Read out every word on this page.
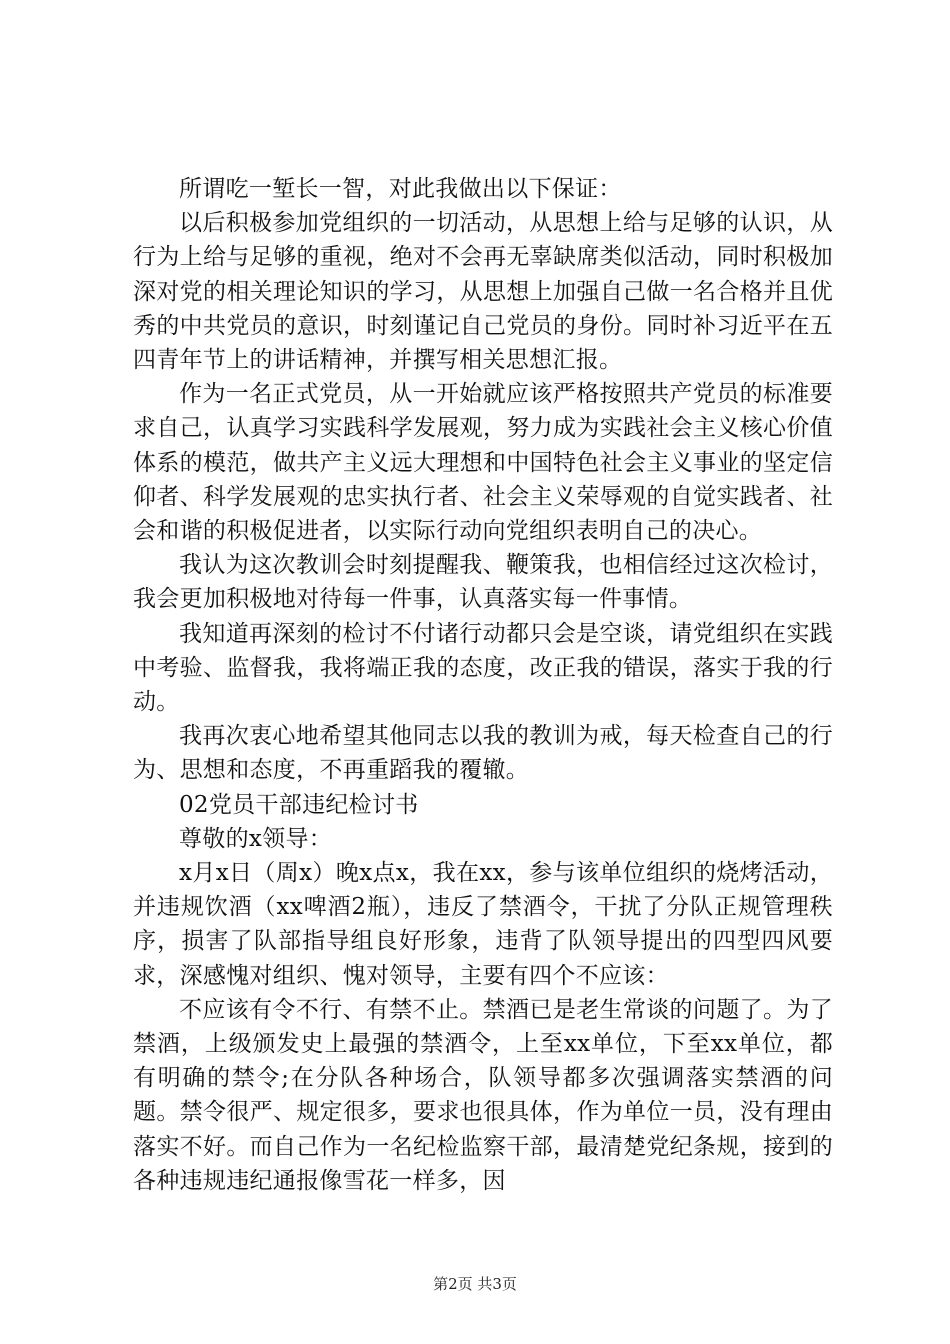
所谓吃一堑长一智，对此我做出以下保证：

以后积极参加党组织的一切活动，从思想上给与足够的认识，从行为上给与足够的重视，绝对不会再无辜缺席类似活动，同时积极加深对党的相关理论知识的学习，从思想上加强自己做一名合格并且优秀的中共党员的意识，时刻谨记自己党员的身份。同时补习近平在五四青年节上的讲话精神，并撰写相关思想汇报。

作为一名正式党员，从一开始就应该严格按照共产党员的标准要求自己，认真学习实践科学发展观，努力成为实践社会主义核心价值体系的模范，做共产主义远大理想和中国特色社会主义事业的坚定信仰者、科学发展观的忠实执行者、社会主义荣辱观的自觉实践者、社会和谐的积极促进者，以实际行动向党组织表明自己的决心。

我认为这次教训会时刻提醒我、鞭策我，也相信经过这次检讨，我会更加积极地对待每一件事，认真落实每一件事情。

我知道再深刻的检讨不付诸行动都只会是空谈，请党组织在实践中考验、监督我，我将端正我的态度，改正我的错误，落实于我的行动。

我再次衷心地希望其他同志以我的教训为戒，每天检查自己的行为、思想和态度，不再重蹈我的覆辙。

02党员干部违纪检讨书

尊敬的x领导：

x月x日（周x）晚x点x，我在xx，参与该单位组织的烧烤活动，并违规饮酒（xx啤酒2瓶），违反了禁酒令，干扰了分队正规管理秩序，损害了队部指导组良好形象，违背了队领导提出的四型四风要求，深感愧对组织、愧对领导，主要有四个不应该：

不应该有令不行、有禁不止。禁酒已是老生常谈的问题了。为了禁酒，上级颁发史上最强的禁酒令，上至xx单位，下至xx单位，都有明确的禁令;在分队各种场合，队领导都多次强调落实禁酒的问题。禁令很严、规定很多，要求也很具体，作为单位一员，没有理由落实不好。而自己作为一名纪检监察干部，最清楚党纪条规，接到的各种违规违纪通报像雪花一样多，因

第2页 共3页
